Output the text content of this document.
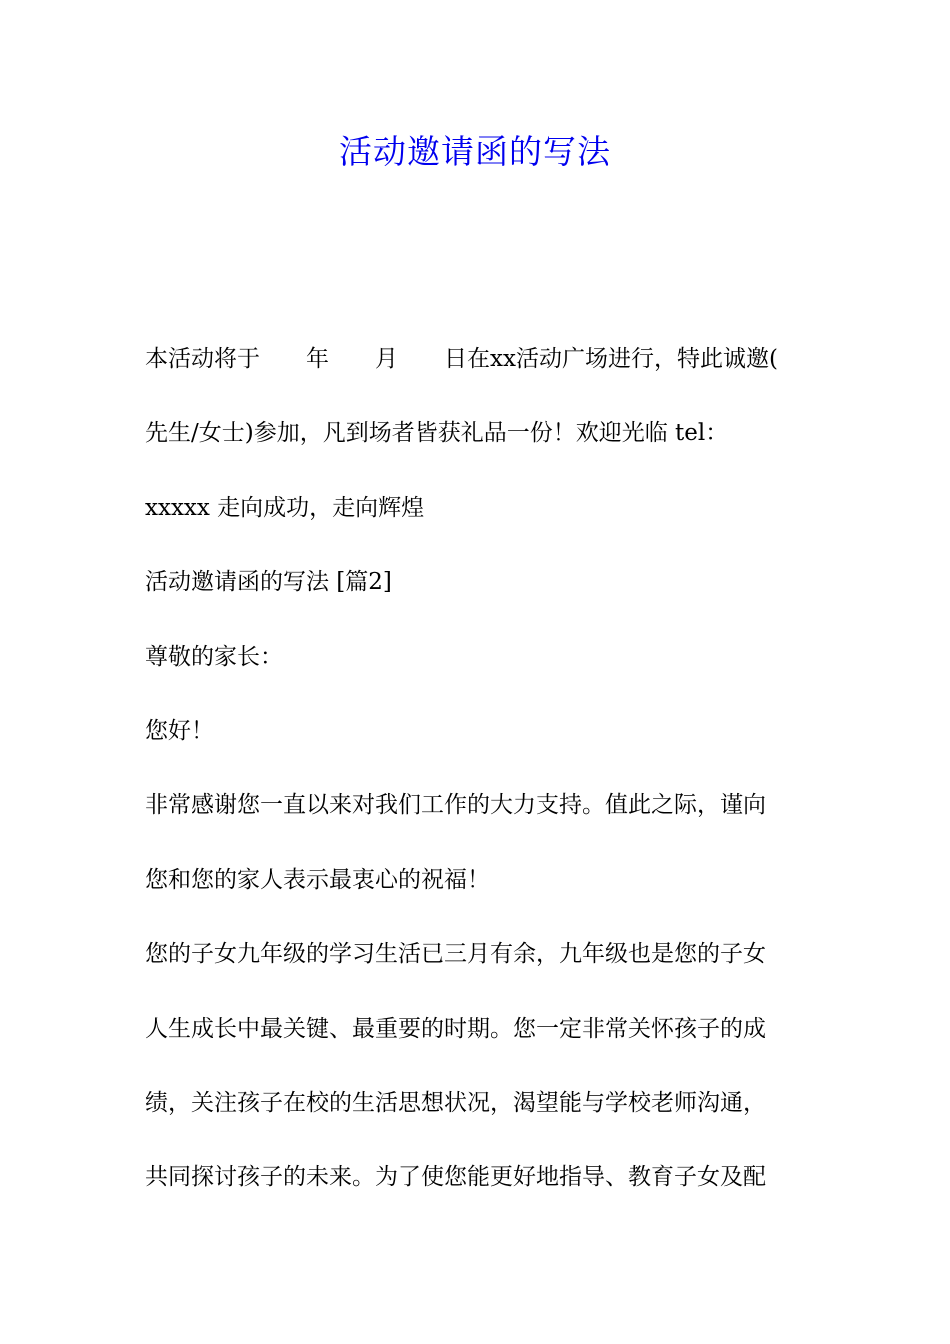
活动邀请函的写法
本活动将于　　年　　月　　日在xx活动广场进行，特此诚邀(
先生/女士)参加，凡到场者皆获礼品一份！欢迎光临 tel：
xxxxx 走向成功，走向辉煌
活动邀请函的写法 [篇2]
尊敬的家长：
您好！
非常感谢您一直以来对我们工作的大力支持。值此之际，谨向
您和您的家人表示最衷心的祝福！
您的子女九年级的学习生活已三月有余，九年级也是您的子女
人生成长中最关键、最重要的时期。您一定非常关怀孩子的成
绩，关注孩子在校的生活思想状况，渴望能与学校老师沟通，
共同探讨孩子的未来。为了使您能更好地指导、教育子女及配
